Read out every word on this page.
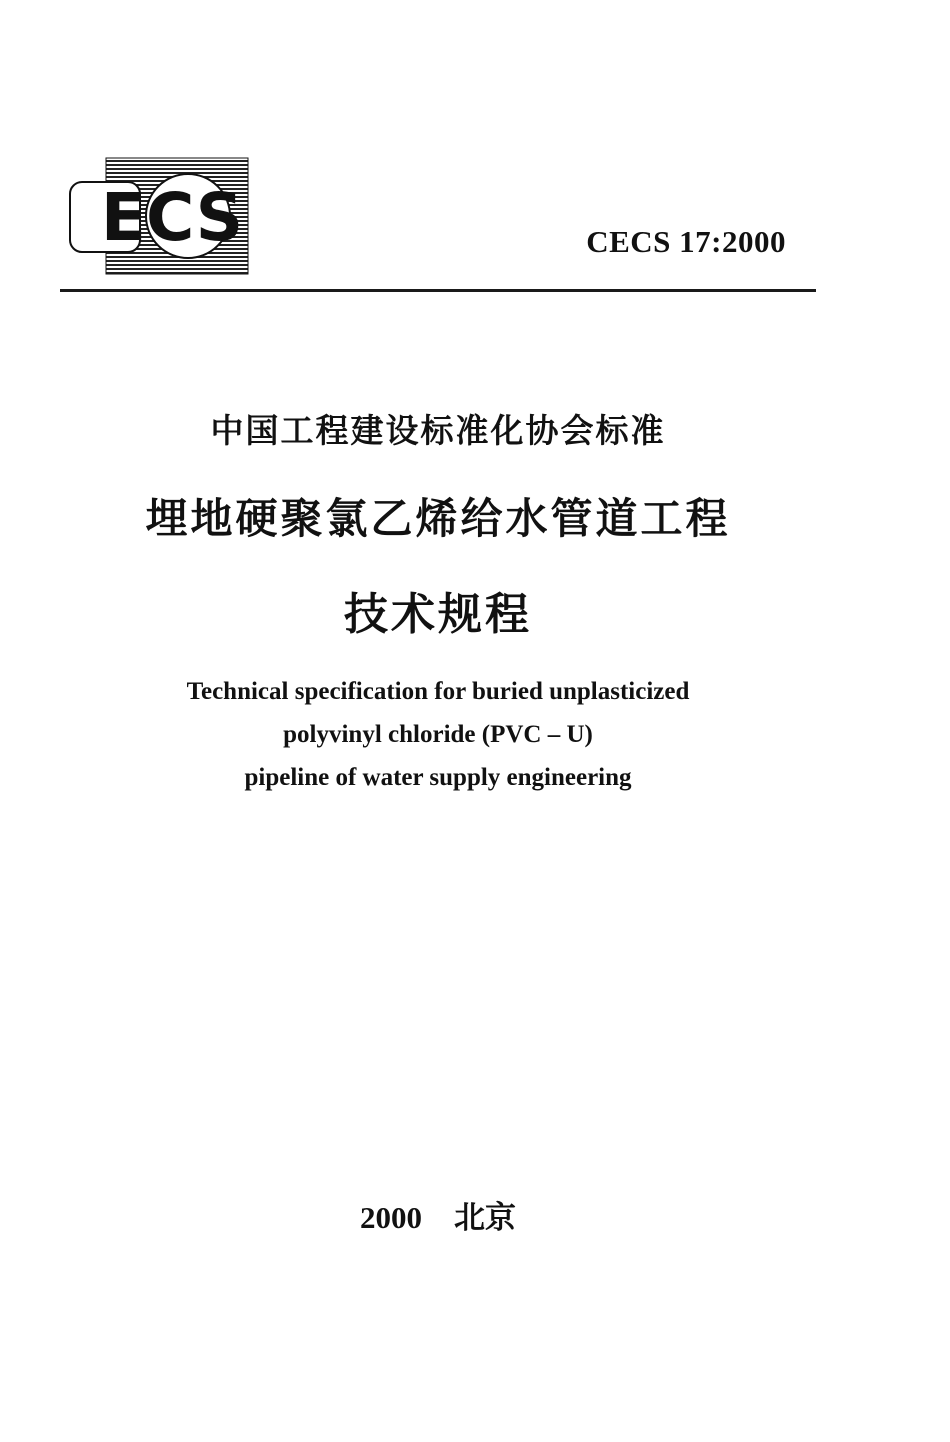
ECS	CECS 17:2000
中国工程建设标准化协会标准
埋地硬聚氯乙烯给水管道工程
技术规程
Technical specification for buried unplasticized
polyvinyl chloride (PVC – U)
pipeline of water supply engineering
2000 北京
